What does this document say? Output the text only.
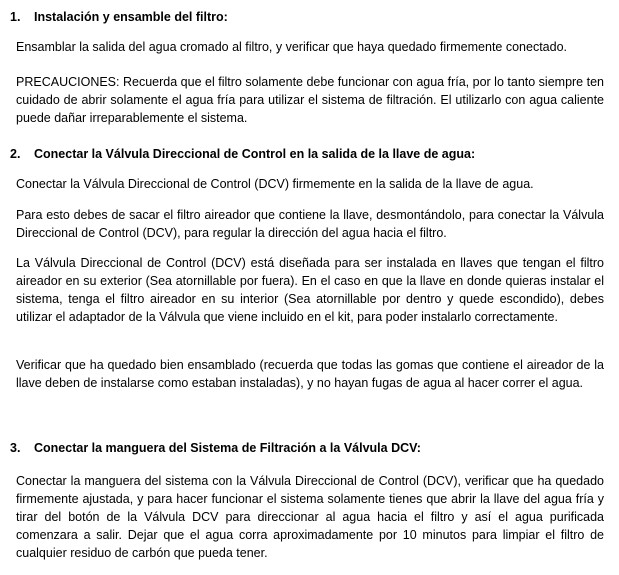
1. Instalación y ensamble del filtro:

Ensamblar la salida del agua cromado al filtro, y verificar que haya quedado firmemente conectado.

PRECAUCIONES: Recuerda que el filtro solamente debe funcionar con agua fría, por lo tanto siempre ten cuidado de abrir solamente el agua fría para utilizar el sistema de filtración. El utilizarlo con agua caliente puede dañar irreparablemente el sistema.

2. Conectar la Válvula Direccional de Control en la salida de la llave de agua:

Conectar la Válvula Direccional de Control (DCV) firmemente en la salida de la llave de agua.

Para esto debes de sacar el filtro aireador que contiene la llave, desmontándolo, para conectar la Válvula Direccional de Control (DCV), para regular la dirección del agua hacia el filtro.

La Válvula Direccional de Control (DCV) está diseñada para ser instalada en llaves que tengan el filtro aireador en su exterior (Sea atornillable por fuera). En el caso en que la llave en donde quieras instalar el sistema, tenga el filtro aireador en su interior (Sea atornillable por dentro y quede escondido), debes utilizar el adaptador de la Válvula que viene incluido en el kit, para poder instalarlo correctamente.

Verificar que ha quedado bien ensamblado (recuerda que todas las gomas que contiene el aireador de la llave deben de instalarse como estaban instaladas), y no hayan fugas de agua al hacer correr el agua.

3. Conectar la manguera del Sistema de Filtración a la Válvula DCV:

Conectar la manguera del sistema con la Válvula Direccional de Control (DCV), verificar que ha quedado firmemente ajustada, y para hacer funcionar el sistema solamente tienes que abrir la llave del agua fría y tirar del botón de la Válvula DCV para direccionar al agua hacia el filtro y así el agua purificada comenzara a salir. Dejar que el agua corra aproximadamente por 10 minutos para limpiar el filtro de cualquier residuo de carbón que pueda tener.
